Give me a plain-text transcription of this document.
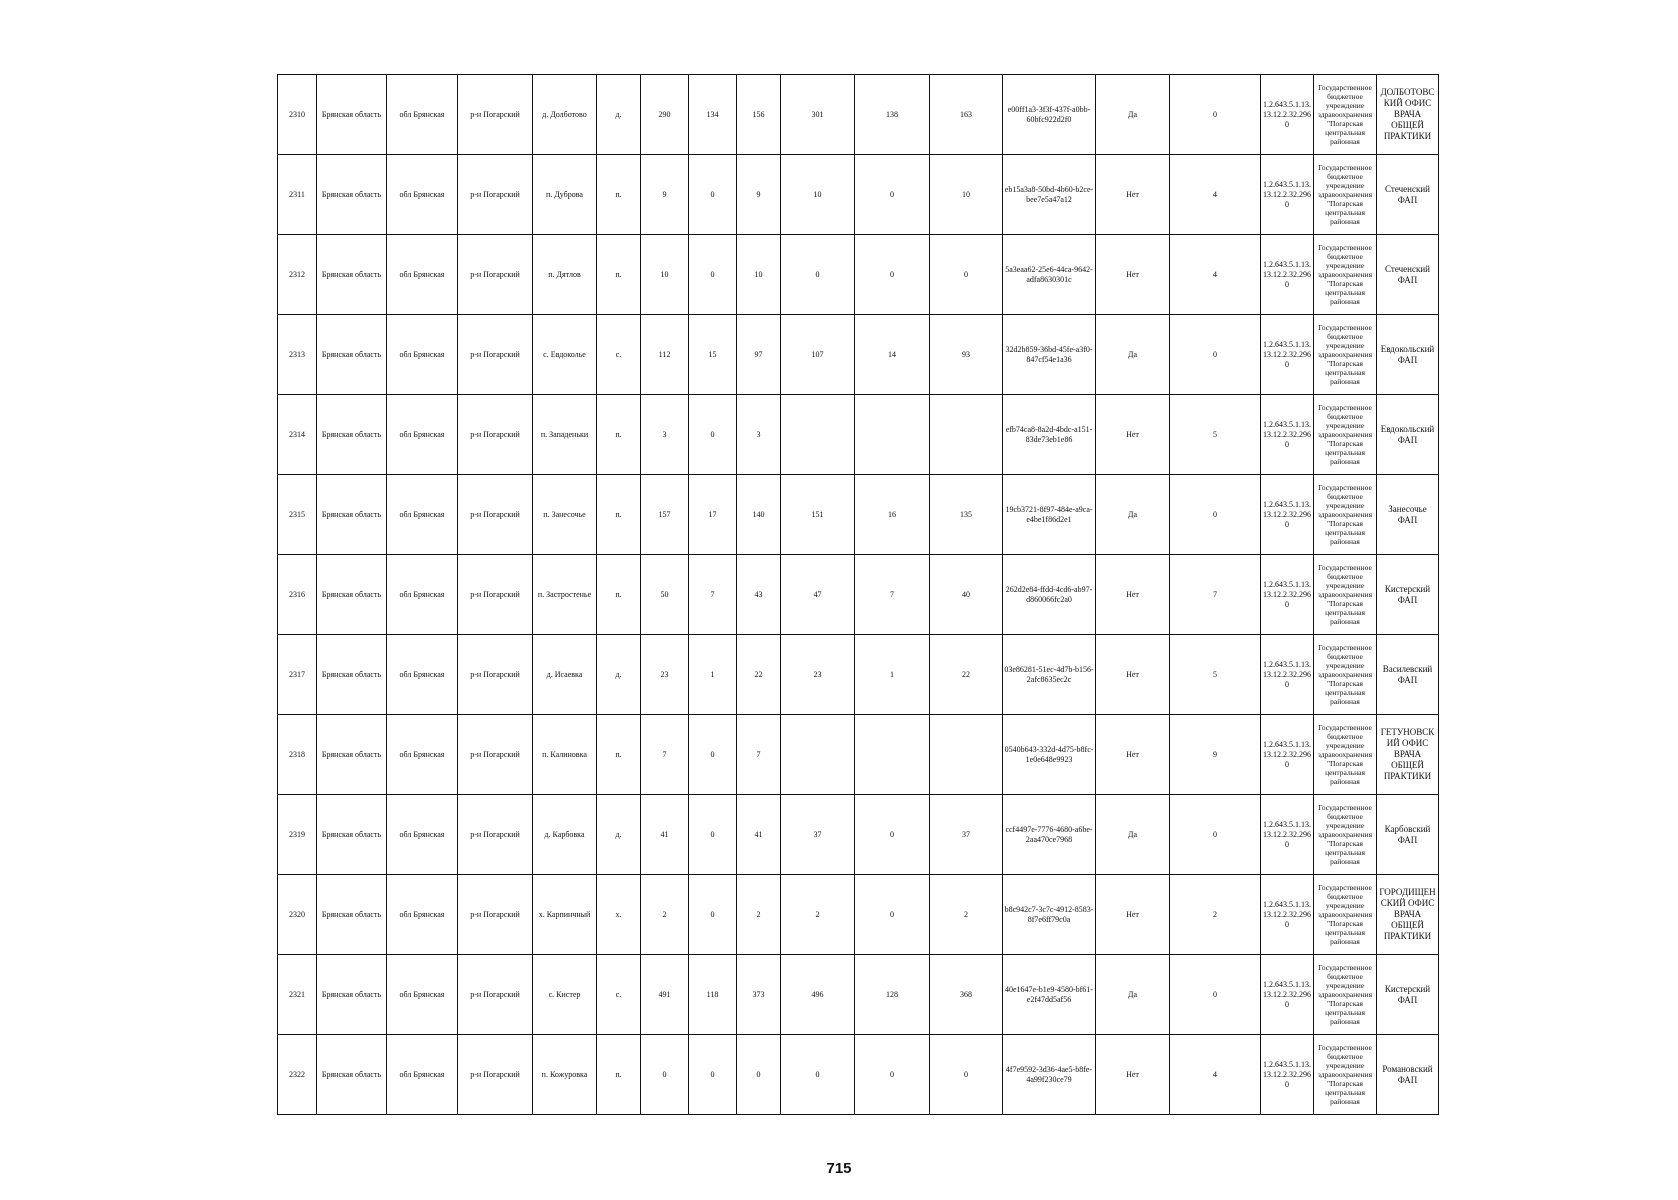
2310	Брянская область	обл Брянская	р-н Погарский	д. Долботово	д.	290	134	156	301	138	163	e00ff1a3-3f3f-437f-a0bb-60bfc922d2f0	Да	0	1.2.643.5.1.13.13.12.2.32.2960	Государственное бюджетное учреждение здравоохранения "Погарская центральная районная	ДОЛБОТОВСКИЙ ОФИС ВРАЧА ОБЩЕЙ ПРАКТИКИ
2311	Брянская область	обл Брянская	р-н Погарский	п. Дуброва	п.	9	0	9	10	0	10	eb15a3a8-50bd-4b60-b2ce-bee7e5a47a12	Нет	4	1.2.643.5.1.13.13.12.2.32.2960	Государственное бюджетное учреждение здравоохранения "Погарская центральная районная	Стеченский ФАП
2312	Брянская область	обл Брянская	р-н Погарский	п. Дятлов	п.	10	0	10	0	0	0	5a3eaa62-25e6-44ca-9642-adfa8630301c	Нет	4	1.2.643.5.1.13.13.12.2.32.2960	Государственное бюджетное учреждение здравоохранения "Погарская центральная районная	Стеченский ФАП
2313	Брянская область	обл Брянская	р-н Погарский	с. Евдоколье	с.	112	15	97	107	14	93	32d2b859-36bd-45fe-a3f0-847cf54e1a36	Да	0	1.2.643.5.1.13.13.12.2.32.2960	Государственное бюджетное учреждение здравоохранения "Погарская центральная районная	Евдокольский ФАП
2314	Брянская область	обл Брянская	р-н Погарский	п. Западеньки	п.	3	0	3				efb74ca8-8a2d-4bdc-a151-83de73eb1e86	Нет	5	1.2.643.5.1.13.13.12.2.32.2960	Государственное бюджетное учреждение здравоохранения "Погарская центральная районная	Евдокольский ФАП
2315	Брянская область	обл Брянская	р-н Погарский	п. Занесочье	п.	157	17	140	151	16	135	19cb3721-8f97-484e-a9ca-e4be1f86d2e1	Да	0	1.2.643.5.1.13.13.12.2.32.2960	Государственное бюджетное учреждение здравоохранения "Погарская центральная районная	Занесочье ФАП
2316	Брянская область	обл Брянская	р-н Погарский	п. Застростенье	п.	50	7	43	47	7	40	262d2e84-ffdd-4cd6-ab97-d860066fc2a0	Нет	7	1.2.643.5.1.13.13.12.2.32.2960	Государственное бюджетное учреждение здравоохранения "Погарская центральная районная	Кистерский ФАП
2317	Брянская область	обл Брянская	р-н Погарский	д. Исаевка	д.	23	1	22	23	1	22	03e86281-51ec-4d7b-b156-2afc8635ec2c	Нет	5	1.2.643.5.1.13.13.12.2.32.2960	Государственное бюджетное учреждение здравоохранения "Погарская центральная районная	Василевский ФАП
2318	Брянская область	обл Брянская	р-н Погарский	п. Калиновка	п.	7	0	7				0540b643-332d-4d75-b8fc-1e0e648e9923	Нет	9	1.2.643.5.1.13.13.12.2.32.2960	Государственное бюджетное учреждение здравоохранения "Погарская центральная районная	ГЕТУНОВСКИЙ ОФИС ВРАЧА ОБЩЕЙ ПРАКТИКИ
2319	Брянская область	обл Брянская	р-н Погарский	д. Карбовка	д.	41	0	41	37	0	37	ccf4497e-7776-4680-a6be-2aa470ce7968	Да	0	1.2.643.5.1.13.13.12.2.32.2960	Государственное бюджетное учреждение здравоохранения "Погарская центральная районная	Карбовский ФАП
2320	Брянская область	обл Брянская	р-н Погарский	х. Карпинчный	х.	2	0	2	2	0	2	b8c942c7-3c7c-4912-8583-8f7e6ff79c0a	Нет	2	1.2.643.5.1.13.13.12.2.32.2960	Государственное бюджетное учреждение здравоохранения "Погарская центральная районная	ГОРОДИЩЕНСКИЙ ОФИС ВРАЧА ОБЩЕЙ ПРАКТИКИ
2321	Брянская область	обл Брянская	р-н Погарский	с. Кистер	с.	491	118	373	496	128	368	40e1647e-b1e9-4580-bf61-e2f47dd5af56	Да	0	1.2.643.5.1.13.13.12.2.32.2960	Государственное бюджетное учреждение здравоохранения "Погарская центральная районная	Кистерский ФАП
2322	Брянская область	обл Брянская	р-н Погарский	п. Кожуровка	п.	0	0	0	0	0	0	4f7e9592-3d36-4ae5-b8fe-4a99f230ce79	Нет	4	1.2.643.5.1.13.13.12.2.32.2960	Государственное бюджетное учреждение здравоохранения "Погарская центральная районная	Романовский ФАП
715
